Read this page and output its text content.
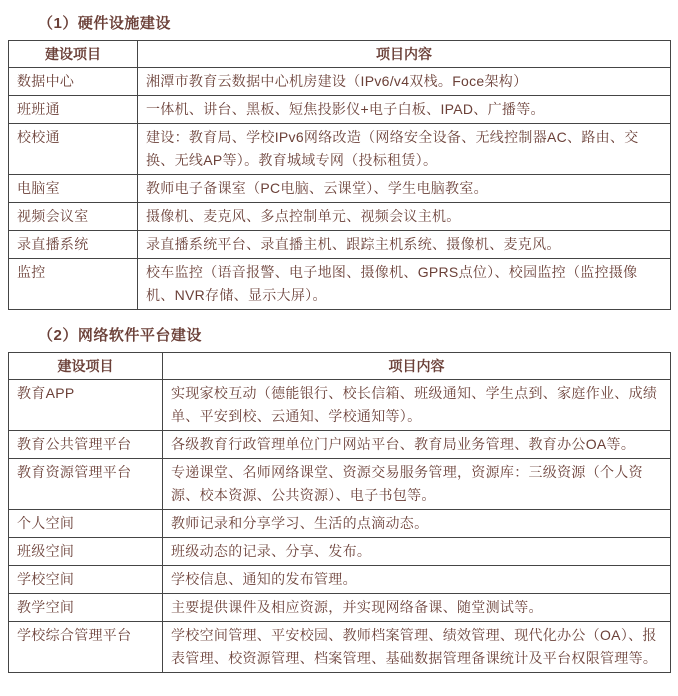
（1）硬件设施建设
建设项目	项目内容
数据中心	湘潭市教育云数据中心机房建设（IPv6/v4双栈。Foce架构）
班班通	一体机、讲台、黑板、短焦投影仪+电子白板、IPAD、广播等。
校校通	建设：教育局、学校IPv6网络改造（网络安全设备、无线控制器AC、路由、交换、无线AP等）。教育城域专网（投标租赁）。
电脑室	教师电子备课室（PC电脑、云课堂）、学生电脑教室。
视频会议室	摄像机、麦克风、多点控制单元、视频会议主机。
录直播系统	录直播系统平台、录直播主机、跟踪主机系统、摄像机、麦克风。
监控	校车监控（语音报警、电子地图、摄像机、GPRS点位）、校园监控（监控摄像机、NVR存储、显示大屏）。
（2）网络软件平台建设
建设项目	项目内容
教育APP	实现家校互动（德能银行、校长信箱、班级通知、学生点到、家庭作业、成绩单、平安到校、云通知、学校通知等）。
教育公共管理平台	各级教育行政管理单位门户网站平台、教育局业务管理、教育办公OA等。
教育资源管理平台	专递课堂、名师网络课堂、资源交易服务管理，资源库：三级资源（个人资源、校本资源、公共资源）、电子书包等。
个人空间	教师记录和分享学习、生活的点滴动态。
班级空间	班级动态的记录、分享、发布。
学校空间	学校信息、通知的发布管理。
教学空间	主要提供课件及相应资源，并实现网络备课、随堂测试等。
学校综合管理平台	学校空间管理、平安校园、教师档案管理、绩效管理、现代化办公（OA）、报表管理、校资源管理、档案管理、基础数据管理备课统计及平台权限管理等。
